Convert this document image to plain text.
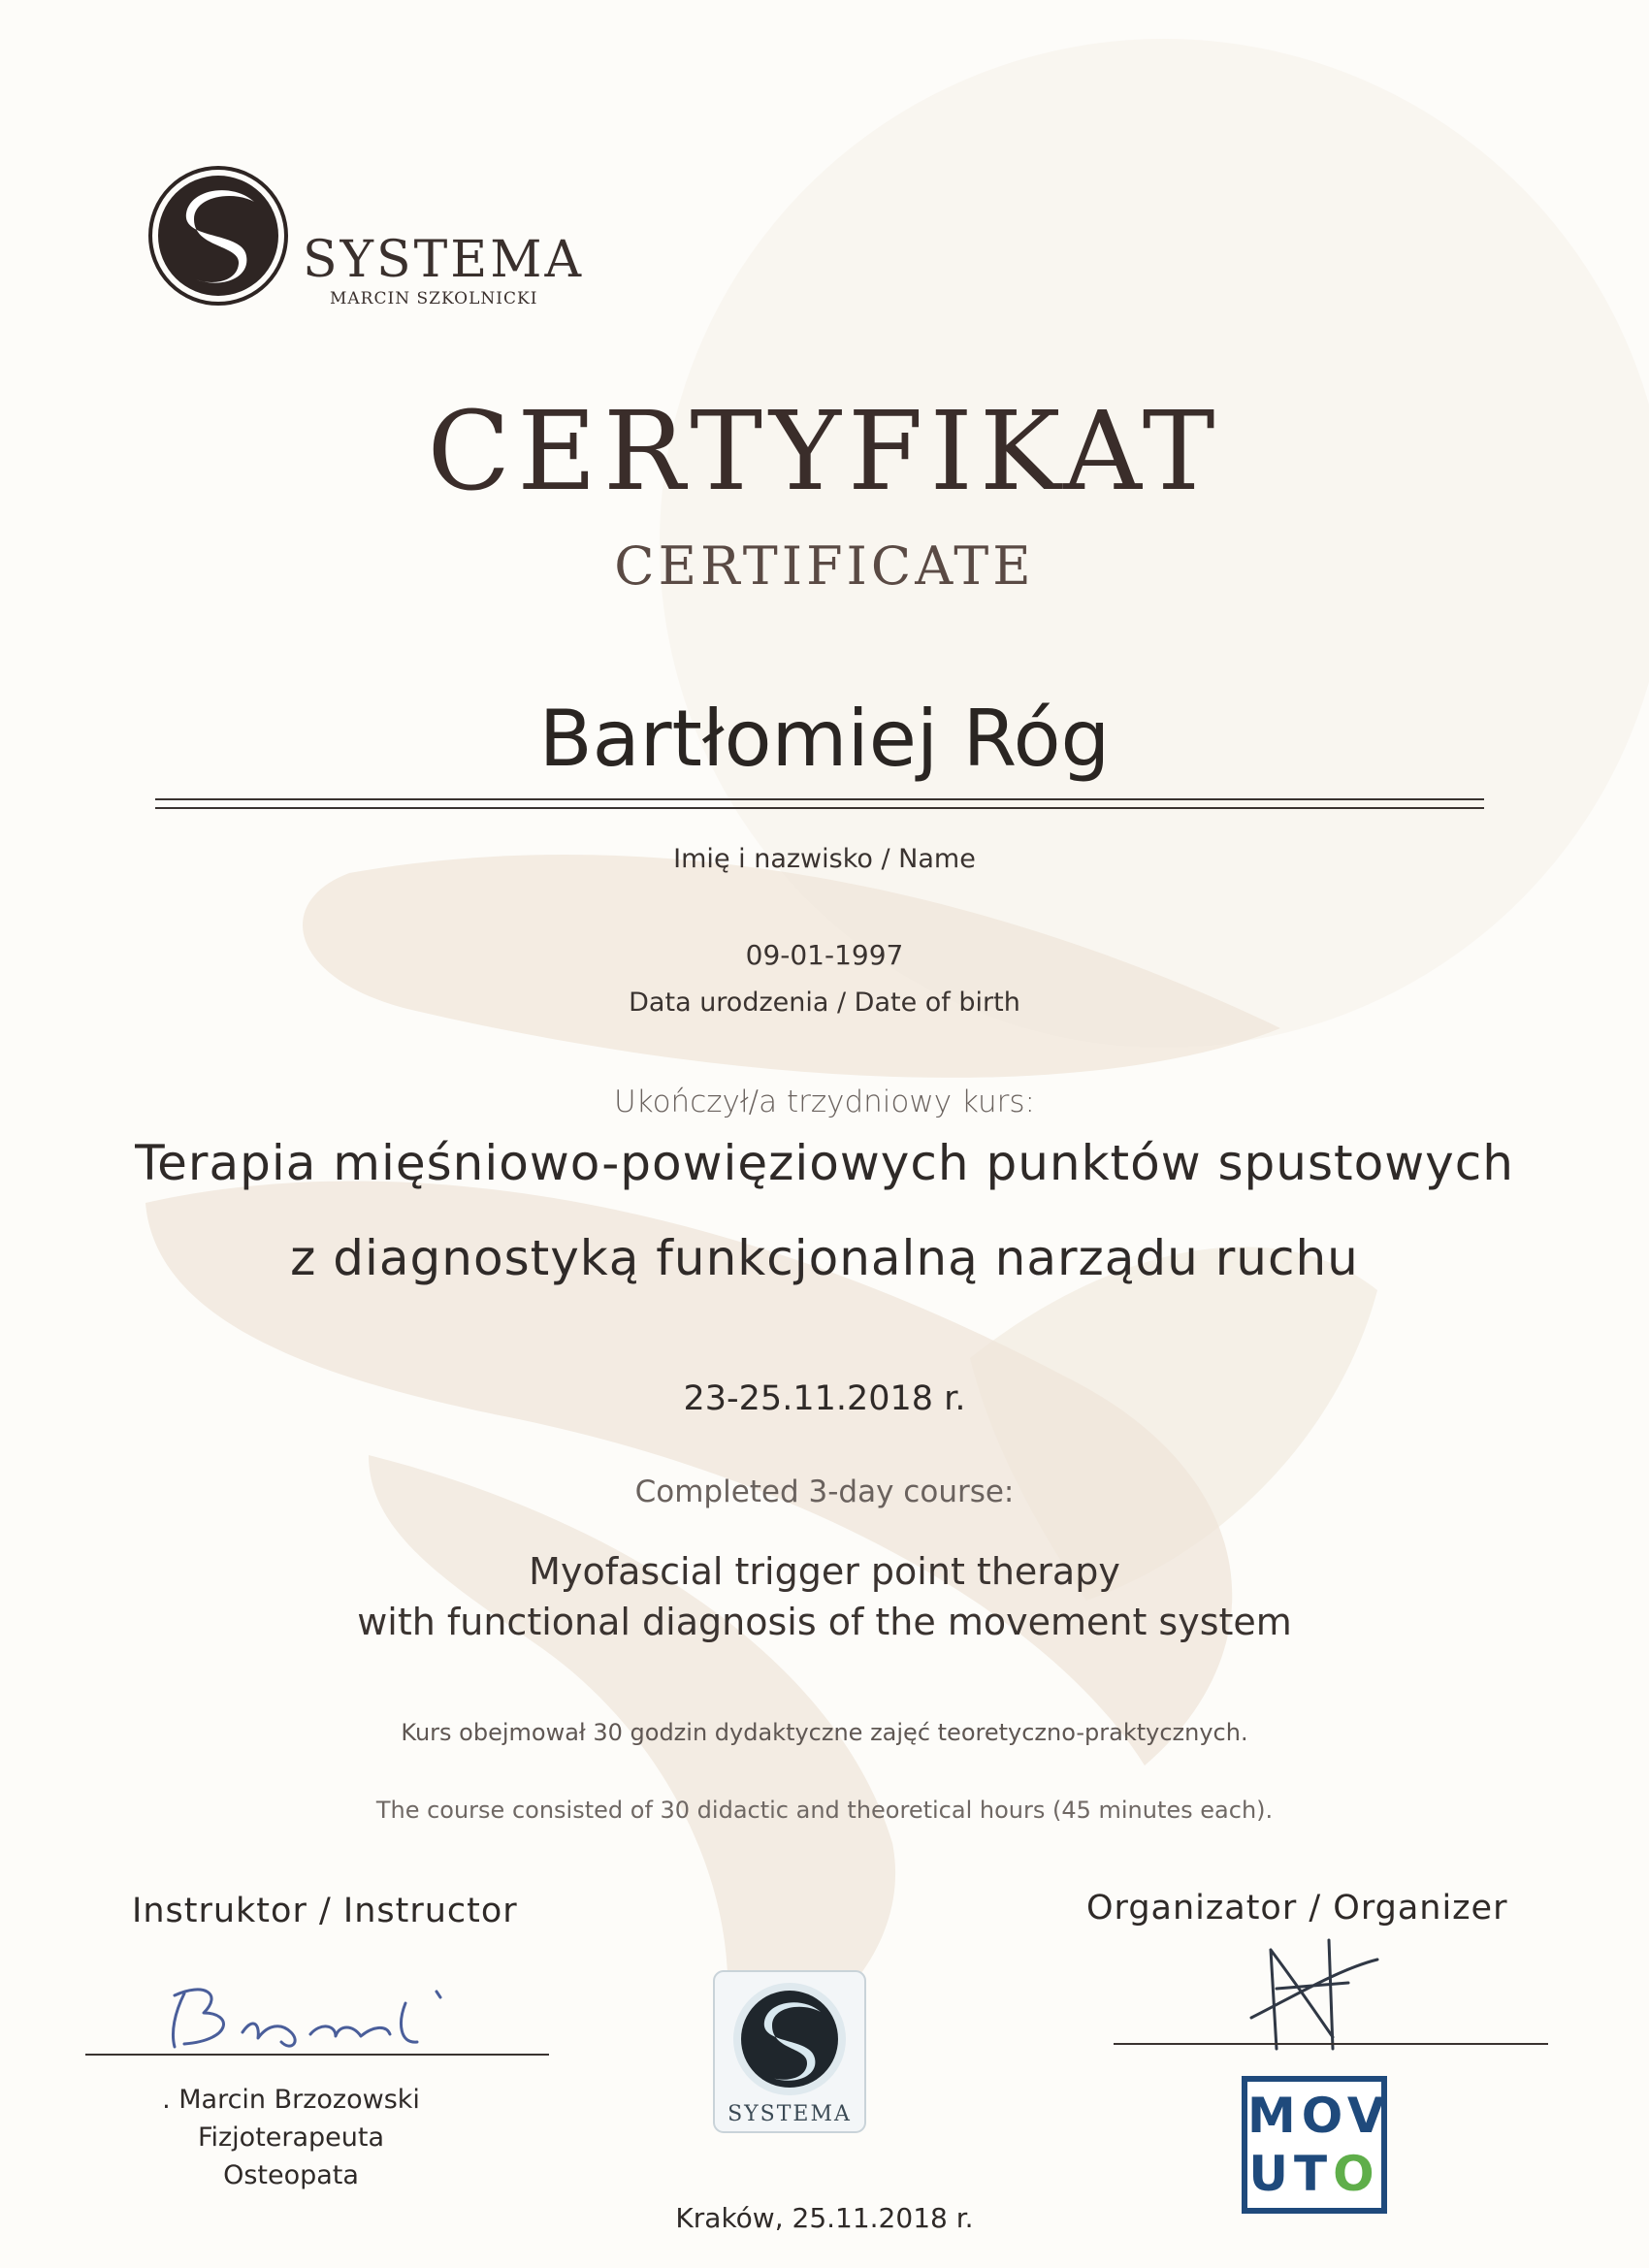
SYSTEMA
MARCIN SZKOLNICKI
CERTYFIKAT
CERTIFICATE
Bartłomiej Róg
Imię i nazwisko / Name
09-01-1997
Data urodzenia / Date of birth
Ukończył/a trzydniowy kurs:
Terapia mięśniowo-powięziowych punktów spustowych
z diagnostyką funkcjonalną narządu ruchu
23-25.11.2018 r.
Completed 3-day course:
Myofascial trigger point therapy
with functional diagnosis of the movement system
Kurs obejmował 30 godzin dydaktyczne zajęć teoretyczno-praktycznych.
The course consisted of 30 didactic and theoretical hours (45 minutes each).
Instruktor / Instructor	Organizator / Organizer
. Marcin Brzozowski
Fizjoterapeuta
Osteopata
SYSTEMA	MOV
UTO
Kraków, 25.11.2018 r.
